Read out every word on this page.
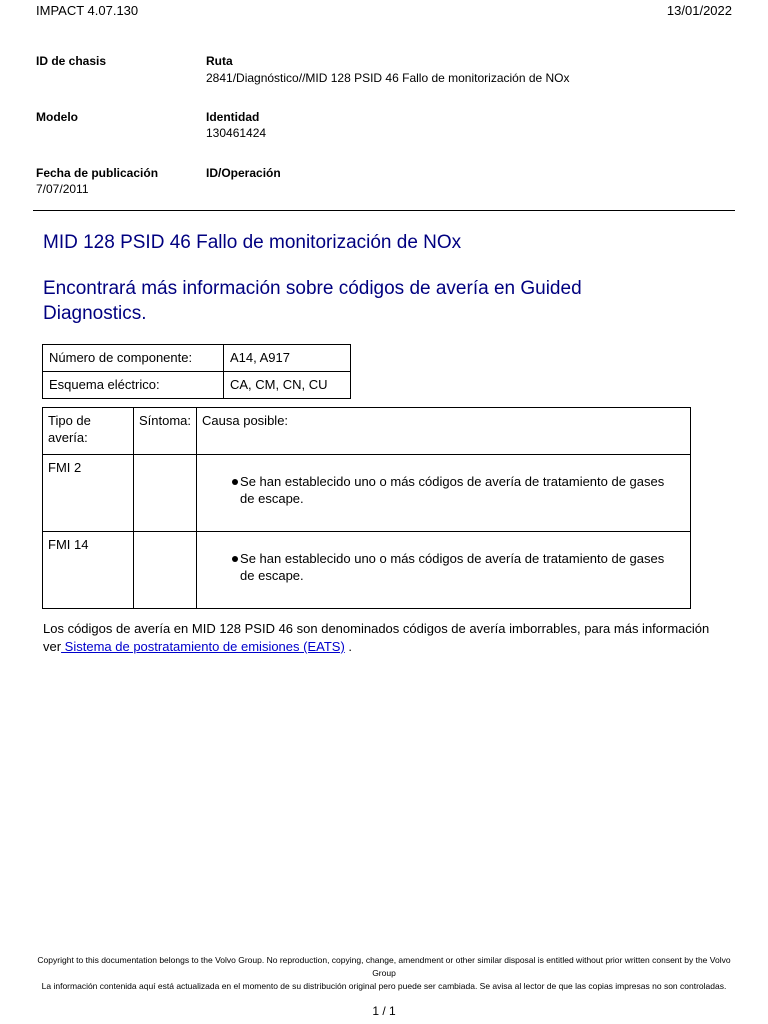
IMPACT 4.07.130	13/01/2022
ID de chasis	Ruta
2841/Diagnóstico//MID 128 PSID 46 Fallo de monitorización de NOx
Modelo	Identidad
130461424
Fecha de publicación
7/07/2011
ID/Operación
MID 128 PSID 46 Fallo de monitorización de NOx
Encontrará más información sobre códigos de avería en Guided Diagnostics.
Número de componente:	A14, A917
Esquema eléctrico:	CA, CM, CN, CU
Tipo de avería:	Síntoma:	Causa posible:
FMI 2		Se han establecido uno o más códigos de avería de tratamiento de gases de escape.

FMI 14		Se han establecido uno o más códigos de avería de tratamiento de gases de escape.
Los códigos de avería en MID 128 PSID 46 son denominados códigos de avería imborrables, para más información ver Sistema de postratamiento de emisiones (EATS) .
Copyright to this documentation belongs to the Volvo Group. No reproduction, copying, change, amendment or other similar disposal is entitled without prior written consent by the Volvo Group
La información contenida aquí está actualizada en el momento de su distribución original pero puede ser cambiada. Se avisa al lector de que las copias impresas no son controladas.
1 / 1
